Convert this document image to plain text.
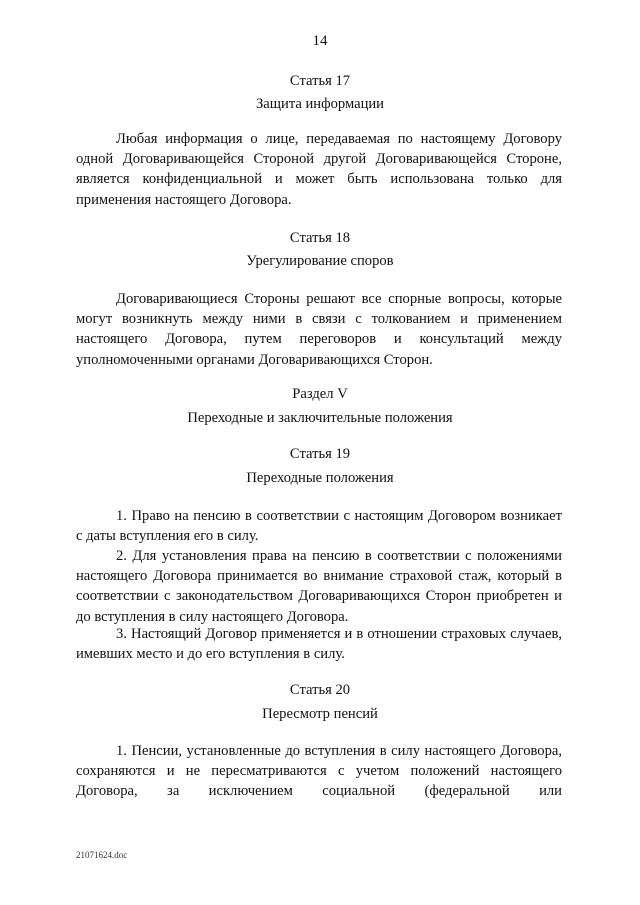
14
Статья 17
Защита информации
Любая информация о лице, передаваемая по настоящему Договору одной Договаривающейся Стороной другой Договаривающейся Стороне, является конфиденциальной и может быть использована только для применения настоящего Договора.
Статья 18
Урегулирование споров
Договаривающиеся Стороны решают все спорные вопросы, которые могут возникнуть между ними в связи с толкованием и применением настоящего Договора, путем переговоров и консультаций между уполномоченными органами Договаривающихся Сторон.
Раздел V
Переходные и заключительные положения
Статья 19
Переходные положения
1. Право на пенсию в соответствии с настоящим Договором возникает с даты вступления его в силу.
2. Для установления права на пенсию в соответствии с положениями настоящего Договора принимается во внимание страховой стаж, который в соответствии с законодательством Договаривающихся Сторон приобретен и до вступления в силу настоящего Договора.
3. Настоящий Договор применяется и в отношении страховых случаев, имевших место и до его вступления в силу.
Статья 20
Пересмотр пенсий
1. Пенсии, установленные до вступления в силу настоящего Договора, сохраняются и не пересматриваются с учетом положений настоящего Договора, за исключением социальной (федеральной или
21071624.doc
